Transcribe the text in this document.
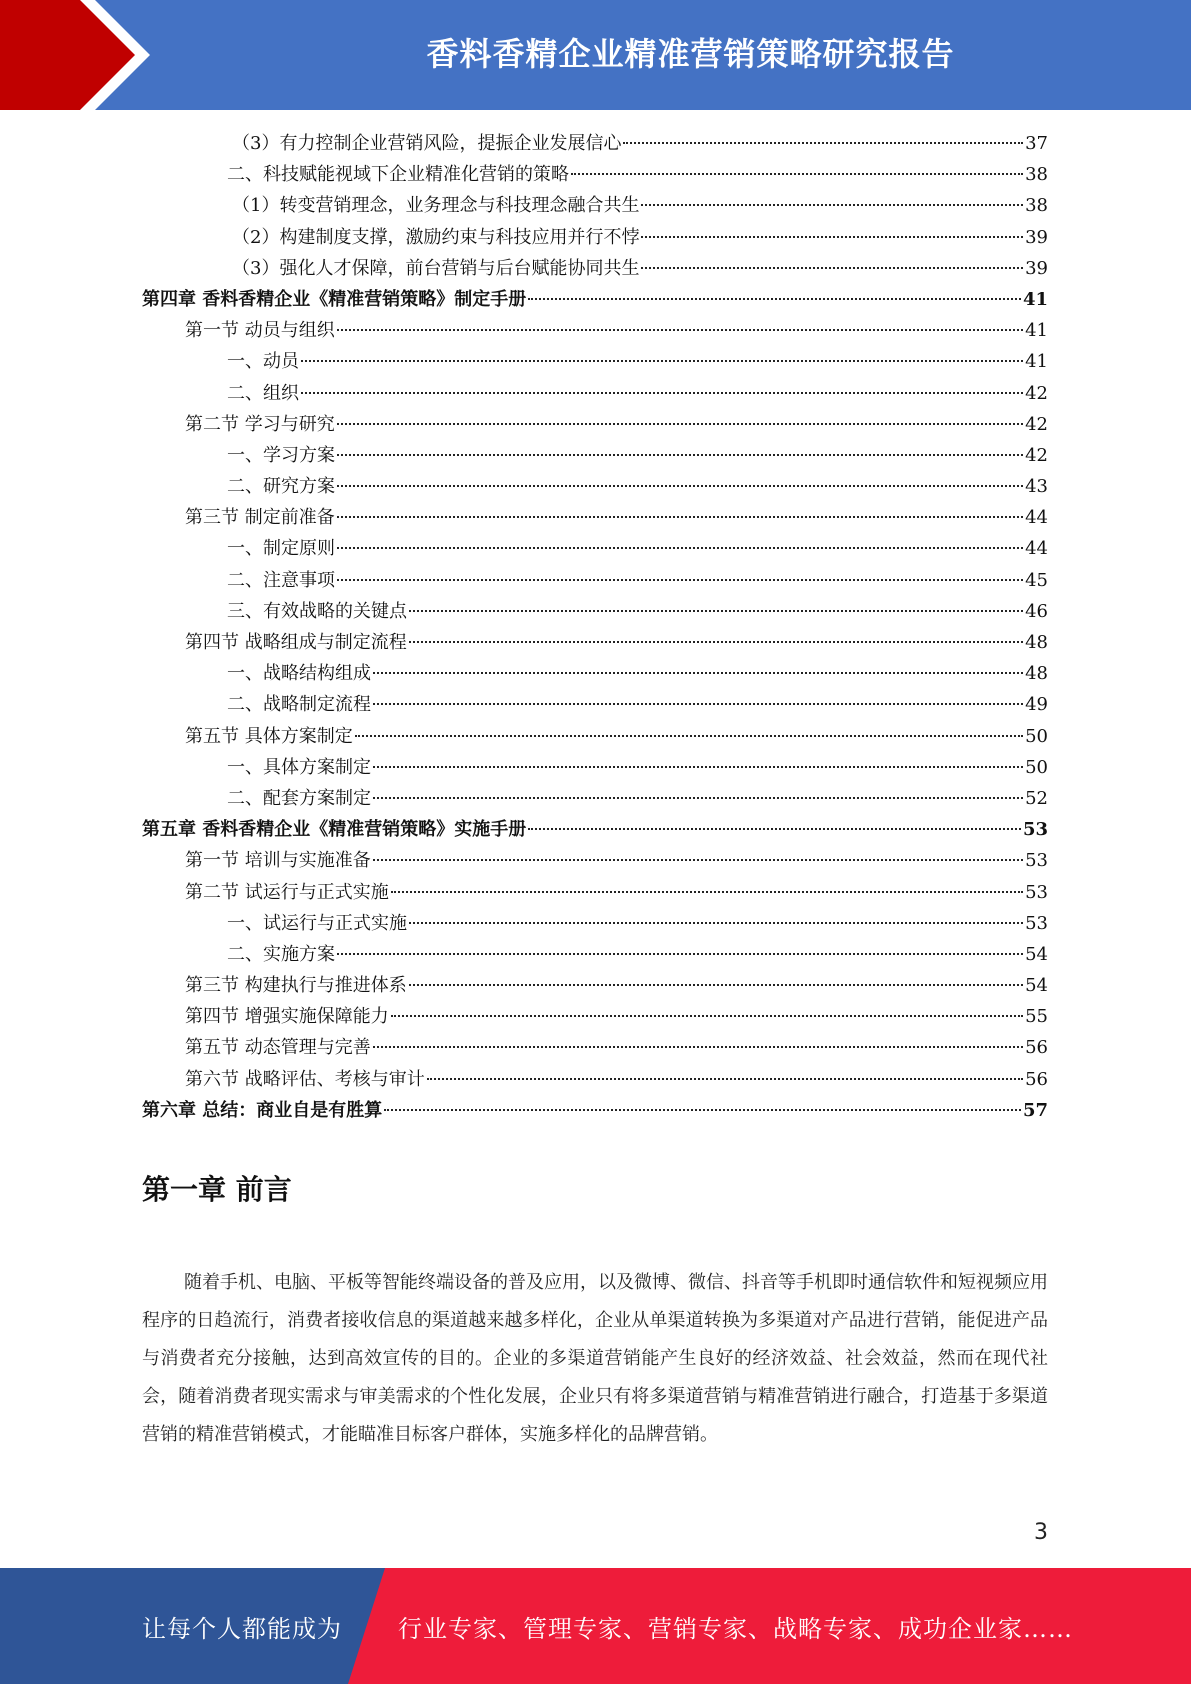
香料香精企业精准营销策略研究报告
（3）有力控制企业营销风险，提振企业发展信心	37
二、科技赋能视域下企业精准化营销的策略	38
（1）转变营销理念，业务理念与科技理念融合共生	38
（2）构建制度支撑，激励约束与科技应用并行不悖	39
（3）强化人才保障，前台营销与后台赋能协同共生	39
第四章 香料香精企业《精准营销策略》制定手册	41
第一节 动员与组织	41
一、动员	41
二、组织	42
第二节 学习与研究	42
一、学习方案	42
二、研究方案	43
第三节 制定前准备	44
一、制定原则	44
二、注意事项	45
三、有效战略的关键点	46
第四节 战略组成与制定流程	48
一、战略结构组成	48
二、战略制定流程	49
第五节 具体方案制定	50
一、具体方案制定	50
二、配套方案制定	52
第五章 香料香精企业《精准营销策略》实施手册	53
第一节 培训与实施准备	53
第二节 试运行与正式实施	53
一、试运行与正式实施	53
二、实施方案	54
第三节 构建执行与推进体系	54
第四节 增强实施保障能力	55
第五节 动态管理与完善	56
第六节 战略评估、考核与审计	56
第六章 总结：商业自是有胜算	57
第一章 前言
随着手机、电脑、平板等智能终端设备的普及应用，以及微博、微信、抖音等手机即时通信软件和短视频应用程序的日趋流行，消费者接收信息的渠道越来越多样化，企业从单渠道转换为多渠道对产品进行营销，能促进产品与消费者充分接触，达到高效宣传的目的。企业的多渠道营销能产生良好的经济效益、社会效益，然而在现代社会，随着消费者现实需求与审美需求的个性化发展，企业只有将多渠道营销与精准营销进行融合，打造基于多渠道营销的精准营销模式，才能瞄准目标客户群体，实施多样化的品牌营销。
3
让每个人都能成为 行业专家、管理专家、营销专家、战略专家、成功企业家……
